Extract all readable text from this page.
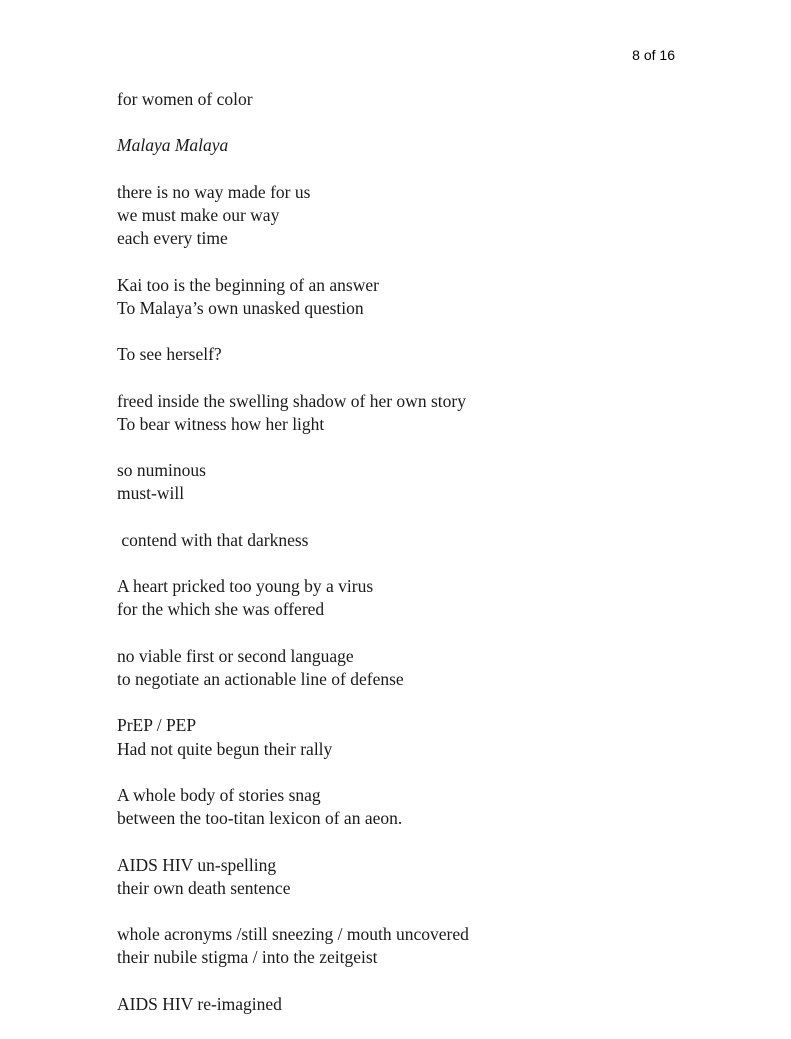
8 of 16
for women of color
Malaya Malaya
there is no way made for us
we must make our way
each every time
Kai too is the beginning of an answer
To Malaya’s own unasked question
To see herself?
freed inside the swelling shadow of her own story
To bear witness how her light
so numinous
must-will
contend with that darkness
A heart pricked too young by a virus
for the which she was offered
no viable first or second language
to negotiate an actionable line of defense
PrEP / PEP
Had not quite begun their rally
A whole body of stories snag
between the too-titan lexicon of an aeon.
AIDS HIV un-spelling
their own death sentence
whole acronyms /still sneezing / mouth uncovered
their nubile stigma / into the zeitgeist
AIDS HIV re-imagined
